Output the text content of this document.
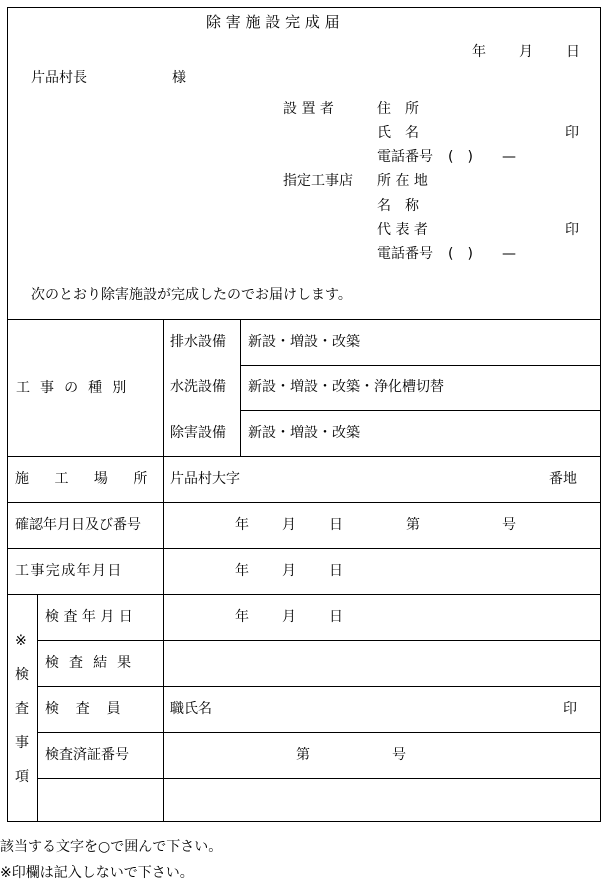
除 害 施 設 完 成 届
年 月 日
片品村長	様
設 置 者	住　所
氏　名	印
電話番号 (　) —
指定工事店 所 在 地
名　称
代 表 者	印
電話番号 (　) —
次のとおり除害施設が完成したのでお届けします。
工 事 の 種 別
排水設備 新設・増設・改築
水洗設備 新設・増設・改築・浄化槽切替
除害設備 新設・増設・改築
施 工 場 所 片品村大字	番地
確認年月日及び番号	年 月 日	第	号
工事完成年月日	年 月 日
※
検
査
事
項
検 査 年 月 日	年 月 日
検 査 結 果
検　査　員	職氏名	印
検査済証番号	第	号
該当する文字を○で囲んで下さい。
※印欄は記入しないで下さい。
